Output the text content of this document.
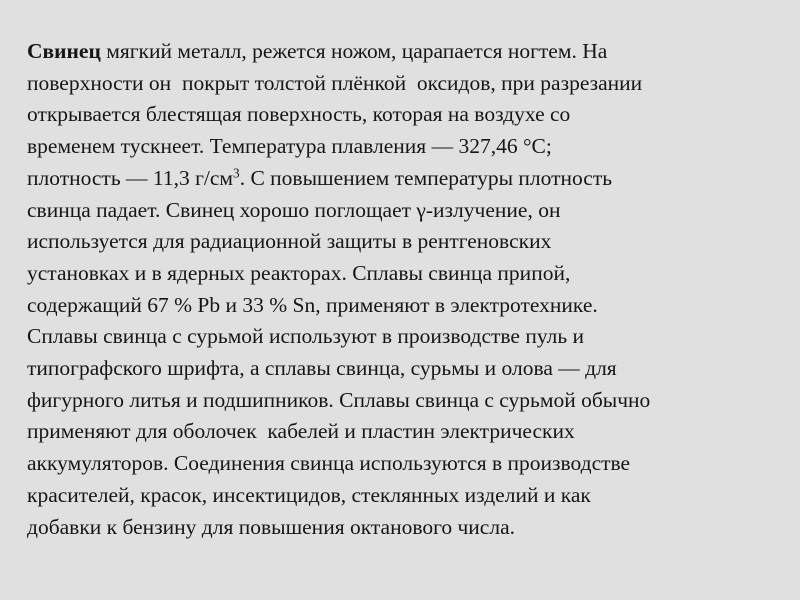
Свинец мягкий металл, режется ножом, царапается ногтем. На
поверхности он  покрыт толстой плёнкой  оксидов, при разрезании
открывается блестящая поверхность, которая на воздухе со
временем тускнеет. Температура плавления — 327,46 °С;
плотность — 11,3 $г/см^3$. С повышением температуры плотность
свинца падает. Свинец хорошо поглощает γ-излучение, он
используется для радиационной защиты в рентгеновских
установках и в ядерных реакторах. Сплавы свинца припой,
содержащий 67 % Pb и 33 % Sn, применяют в электротехнике.
Сплавы свинца с сурьмой используют в производстве пуль и
типографского шрифта, а сплавы свинца, сурьмы и олова — для
фигурного литья и подшипников. Сплавы свинца с сурьмой обычно
применяют для оболочек  кабелей и пластин электрических
аккумуляторов. Соединения свинца используются в производстве
красителей, красок, инсектицидов, стеклянных изделий и как
добавки к бензину для повышения октанового числа.
